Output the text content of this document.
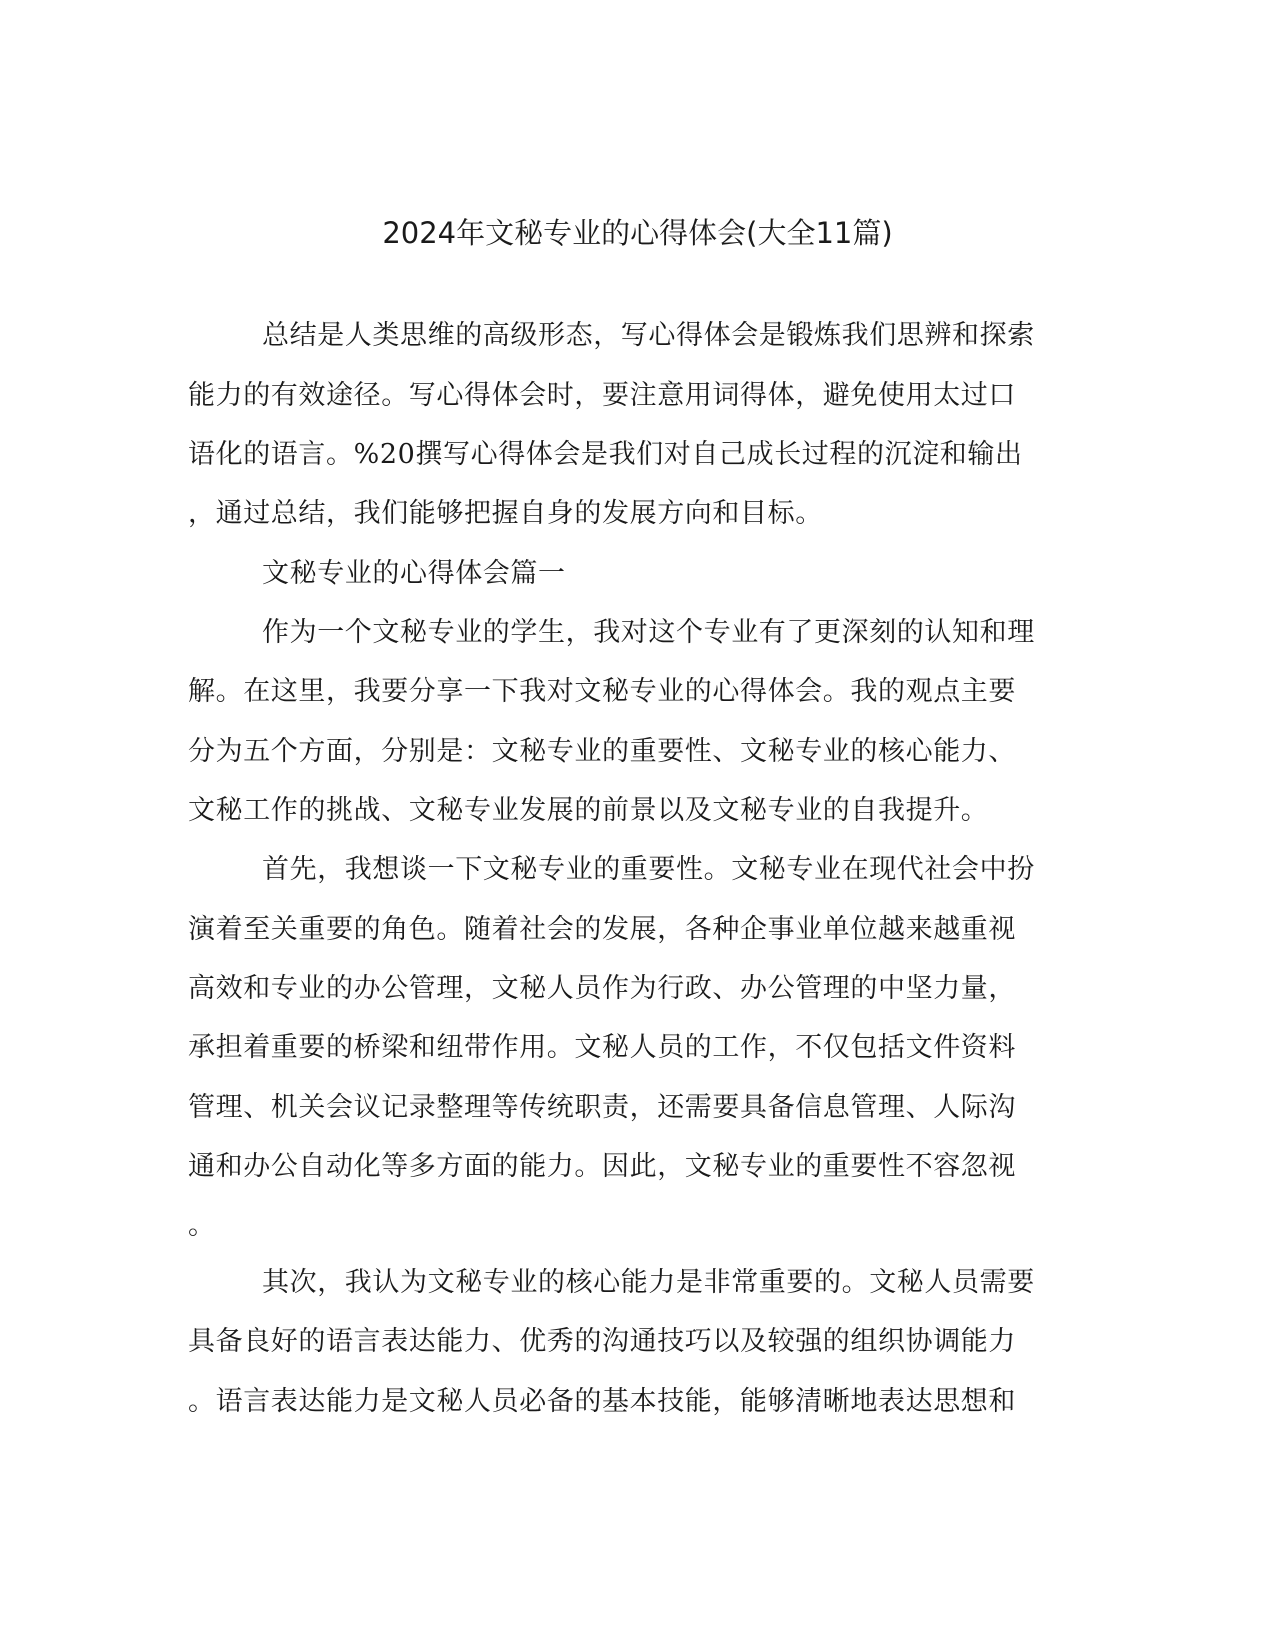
2024年文秘专业的心得体会(大全11篇)
总结是人类思维的高级形态，写心得体会是锻炼我们思辨和探索
能力的有效途径。写心得体会时，要注意用词得体，避免使用太过口
语化的语言。%20撰写心得体会是我们对自己成长过程的沉淀和输出
，通过总结，我们能够把握自身的发展方向和目标。
文秘专业的心得体会篇一
作为一个文秘专业的学生，我对这个专业有了更深刻的认知和理
解。在这里，我要分享一下我对文秘专业的心得体会。我的观点主要
分为五个方面，分别是：文秘专业的重要性、文秘专业的核心能力、
文秘工作的挑战、文秘专业发展的前景以及文秘专业的自我提升。
首先，我想谈一下文秘专业的重要性。文秘专业在现代社会中扮
演着至关重要的角色。随着社会的发展，各种企事业单位越来越重视
高效和专业的办公管理，文秘人员作为行政、办公管理的中坚力量，
承担着重要的桥梁和纽带作用。文秘人员的工作，不仅包括文件资料
管理、机关会议记录整理等传统职责，还需要具备信息管理、人际沟
通和办公自动化等多方面的能力。因此，文秘专业的重要性不容忽视
。
其次，我认为文秘专业的核心能力是非常重要的。文秘人员需要
具备良好的语言表达能力、优秀的沟通技巧以及较强的组织协调能力
。语言表达能力是文秘人员必备的基本技能，能够清晰地表达思想和
